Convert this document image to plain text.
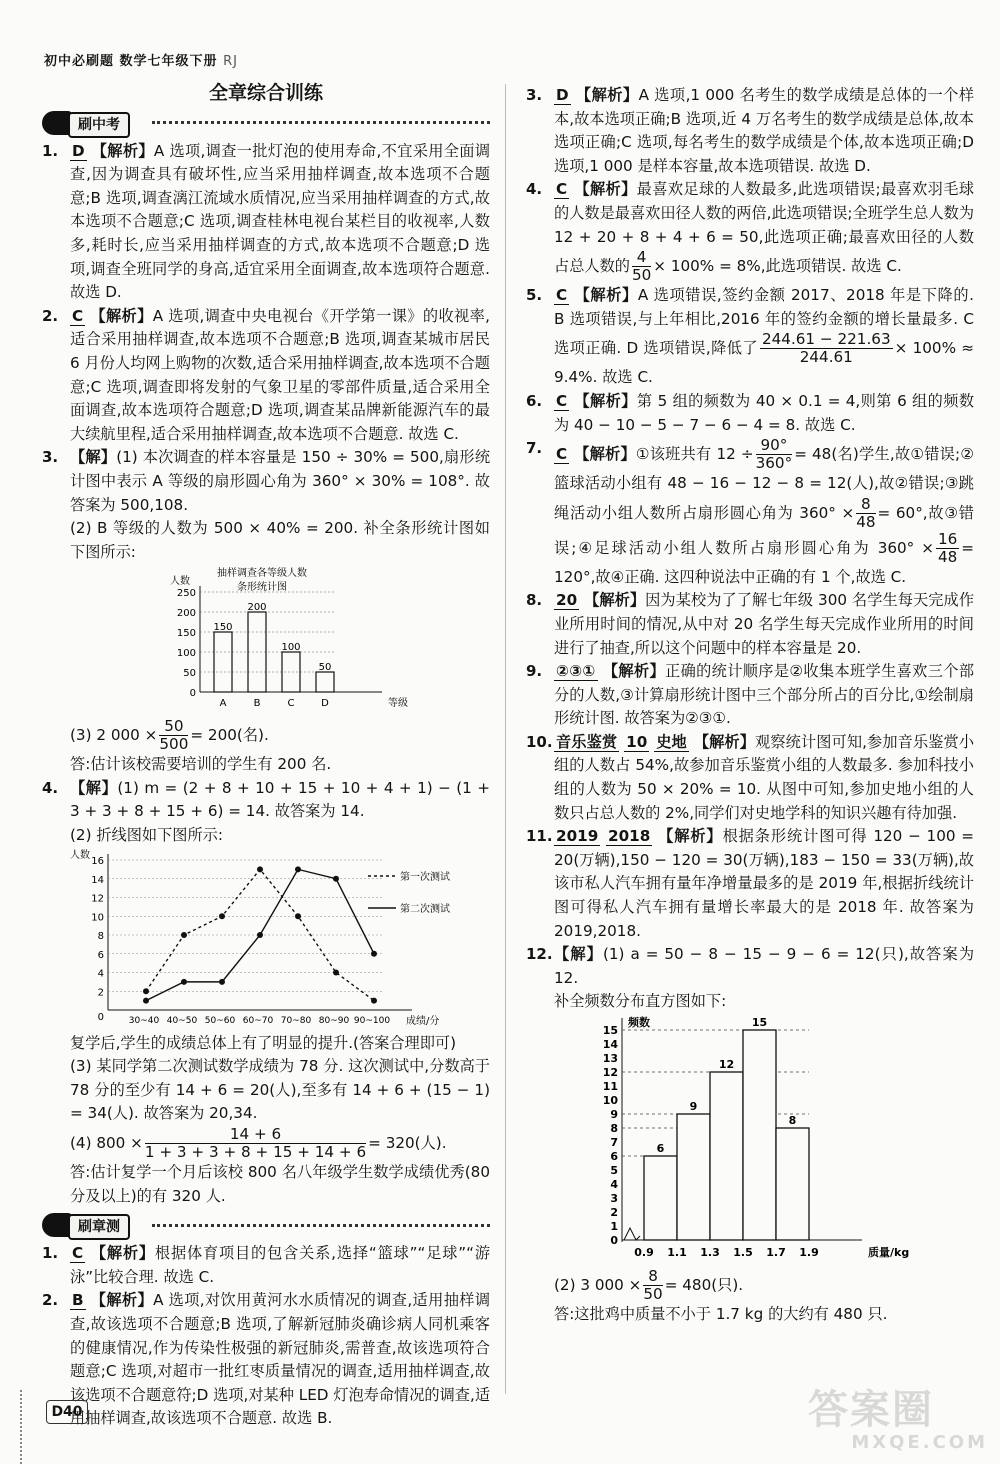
初中必刷题 数学七年级下册 RJ
全章综合训练
刷中考
1. D 【解析】A 选项,调查一批灯泡的使用寿命,不宜采用全面调查,因为调查具有破坏性,应当采用抽样调查,故本选项不合题意;B 选项,调查漓江流域水质情况,应当采用抽样调查的方式,故本选项不合题意;C 选项,调查桂林电视台某栏目的收视率,人数多,耗时长,应当采用抽样调查的方式,故本选项不合题意;D 选项,调查全班同学的身高,适宜采用全面调查,故本选项符合题意. 故选 D.

2. C 【解析】A 选项,调查中央电视台《开学第一课》的收视率,适合采用抽样调查,故本选项不合题意;B 选项,调查某城市居民 6 月份人均网上购物的次数,适合采用抽样调查,故本选项不合题意;C 选项,调查即将发射的气象卫星的零部件质量,适合采用全面调查,故本选项符合题意;D 选项,调查某品牌新能源汽车的最大续航里程,适合采用抽样调查,故本选项不合题意. 故选 C.

3. 【解】(1) 本次调查的样本容量是 150 ÷ 30% = 500,扇形统计图中表示 A 等级的扇形圆心角为 360° × 30% = 108°. 故答案为 500,108.

(2) B 等级的人数为 500 × 40% = 200. 补全条形统计图如下图所示:

抽样调查各等级人数
条形统计图
人数
等级
0
50
100
150
200
250
150
A
200
B
100
C
50
D

(3) 2 $000 \times \frac{50}{500} = 200$(名).

答:估计该校需要培训的学生有 200 名.

4. 【解】(1) m = (2 + 8 + 10 + 15 + 10 + 4 + 1) − (1 + 3 + 3 + 8 + 15 + 6) = 14. 故答案为 14.

(2) 折线图如下图所示:

人数
成绩/分
0
2
4
6
8
10
12
14
16
30~40 40~50 50~60 60~70 70~80 80~90 90~100
第一次测试
第二次测试

复学后,学生的成绩总体上有了明显的提升.(答案合理即可)

(3) 某同学第二次测试数学成绩为 78 分. 这次测试中,分数高于 78 分的至少有 14 + 6 = 20(人),至多有 14 + 6 + (15 − 1) = 34(人). 故答案为 20,34.

(4) $800 \times \frac{14 + 6}{1 + 3 + 3 + 8 + 15 + 14 + 6} = 320$(人).

答:估计复学一个月后该校 800 名八年级学生数学成绩优秀(80 分及以上)的有 320 人.

刷章测
1. C 【解析】根据体育项目的包含关系,选择“篮球”“足球”“游泳”比较合理. 故选 C.

2. B 【解析】A 选项,对饮用黄河水水质情况的调查,适用抽样调查,故该选项不合题意;B 选项,了解新冠肺炎确诊病人同机乘客的健康情况,作为传染性极强的新冠肺炎,需普查,故该选项符合题意;C 选项,对超市一批红枣质量情况的调查,适用抽样调查,故该选项不合题意符;D 选项,对某种 LED 灯泡寿命情况的调查,适用抽样调查,故该选项不合题意. 故选 B.

3. D 【解析】A 选项,1 000 名考生的数学成绩是总体的一个样本,故本选项正确;B 选项,近 4 万名考生的数学成绩是总体,故本选项正确;C 选项,每名考生的数学成绩是个体,故本选项正确;D 选项,1 000 是样本容量,故本选项错误. 故选 D.

4. C 【解析】最喜欢足球的人数最多,此选项错误;最喜欢羽毛球的人数是最喜欢田径人数的两倍,此选项错误;全班学生总人数为 12 + 20 + 8 + 4 + 6 = 50,此选项正确;最喜欢田径的人数占总人数的 $\frac{4}{50} \times 100\% = 8\%$,此选项错误. 故选 C.

5. C 【解析】A 选项错误,签约金额 2017、2018 年是下降的. B 选项错误,与上年相比,2016 年的签约金额的增长量最多. C 选项正确. D 选项错误,降低了 $\frac{244.61 - 221.63}{244.61} \times 100\% \approx 9.4\%$. 故选 C.

6. C 【解析】第 5 组的频数为 40 × 0.1 = 4,则第 6 组的频数为 40 − 10 − 5 − 7 − 6 − 4 = 8. 故选 C.

7. C 【解析】①该班共有 $12 \div \frac{90^\circ}{360^\circ} = 48$(名)学生,故①错误;②篮球活动小组有 48 − 16 − 12 − 8 = 12(人),故②错误;③跳绳活动小组人数所占扇形圆心角为 $360^\circ \times \frac{8}{48} = 60^\circ$,故③错误;④足球活动小组人数所占扇形圆心角为 $360^\circ \times \frac{16}{48} = 120^\circ$,故④正确. 这四种说法中正确的有 1 个,故选 C.

8. 20 【解析】因为某校为了了解七年级 300 名学生每天完成作业所用时间的情况,从中对 20 名学生每天完成作业所用的时间进行了抽查,所以这个问题中的样本容量是 20.

9. ②③① 【解析】正确的统计顺序是②收集本班学生喜欢三个部分的人数,③计算扇形统计图中三个部分所占的百分比,①绘制扇形统计图. 故答案为②③①.

10. 音乐鉴赏 10 史地 【解析】观察统计图可知,参加音乐鉴赏小组的人数占 54%,故参加音乐鉴赏小组的人数最多. 参加科技小组的人数为 50 × 20% = 10. 从图中可知,参加史地小组的人数只占总人数的 2%,同学们对史地学科的知识兴趣有待加强.

11. 2019 2018 【解析】根据条形统计图可得 120 − 100 = 20(万辆),150 − 120 = 30(万辆),183 − 150 = 33(万辆),故该市私人汽车拥有量年净增量最多的是 2019 年,根据折线统计图可得私人汽车拥有量增长率最大的是 2018 年. 故答案为 2019,2018.

12. 【解】(1) a = 50 − 8 − 15 − 9 − 6 = 12(只),故答案为 12.

补全频数分布直方图如下:

频数
质量/kg
0
1
2
3
4
5
6
7
8
9
10
11
12
13
14
15
6
9
12
15
8
0.9 1.1 1.3 1.5 1.7 1.9

(2) 3 $000 \times \frac{8}{50} = 480$(只).

答:这批鸡中质量不小于 1.7 kg 的大约有 480 只.

D40	答案圈
MXQE.COM
